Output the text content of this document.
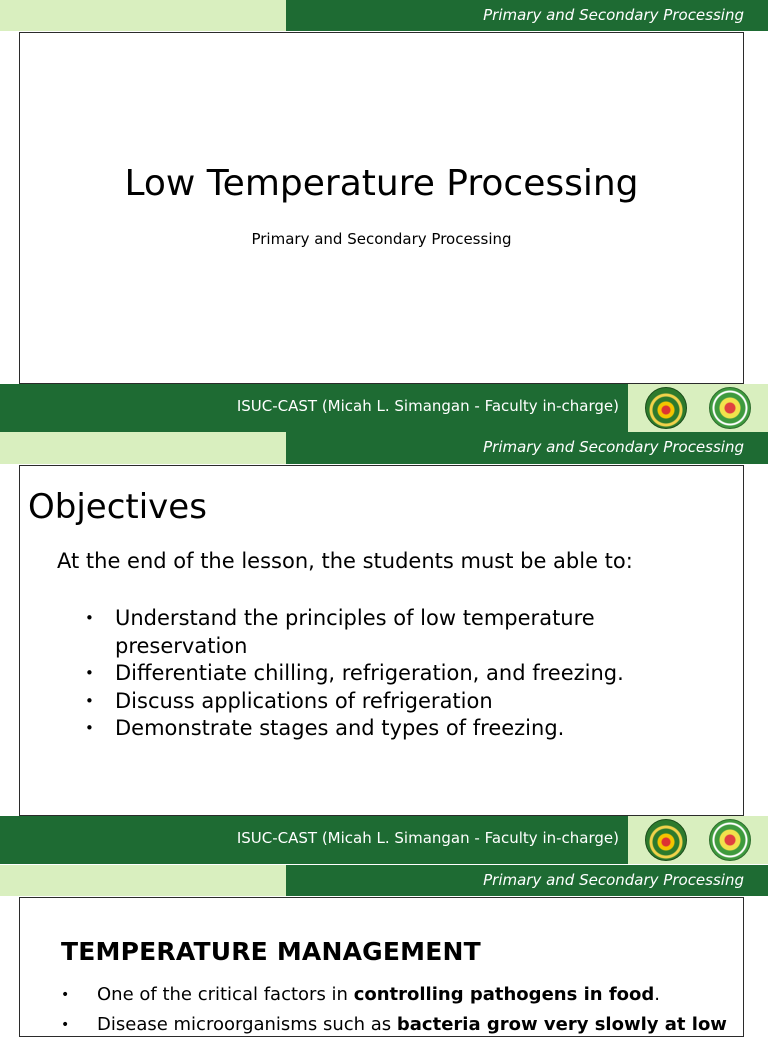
Primary and Secondary Processing
Low Temperature Processing
Primary and Secondary Processing
ISUC-CAST (Micah L. Simangan - Faculty in-charge)
Primary and Secondary Processing
Objectives
At the end of the lesson, the students must be able to:
• Understand the principles of low temperature
preservation
• Differentiate chilling, refrigeration, and freezing.
• Discuss applications of refrigeration
• Demonstrate stages and types of freezing.
ISUC-CAST (Micah L. Simangan - Faculty in-charge)
Primary and Secondary Processing
TEMPERATURE MANAGEMENT
• One of the critical factors in controlling pathogens in food.
• Disease microorganisms such as bacteria grow very slowly at low
